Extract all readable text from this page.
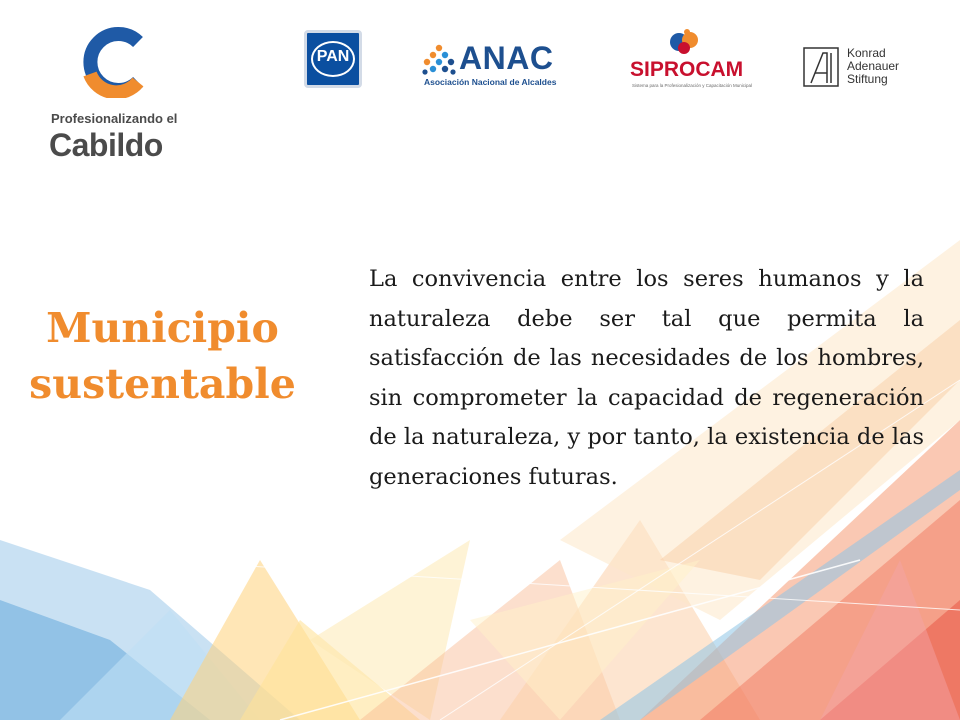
Profesionalizando el
Cabildo
PAN	ANAC
Asociación Nacional de Alcaldes
SIPROCAM
Sistema para la Profesionalización y Capacitación Municipal
Konrad
Adenauer
Stiftung
Municipio
sustentable

La convivencia entre los seres humanos y la naturaleza debe ser tal que permita la satisfacción de las necesidades de los hombres, sin comprometer la capacidad de regeneración de la naturaleza, y por tanto, la existencia de las generaciones futuras.
